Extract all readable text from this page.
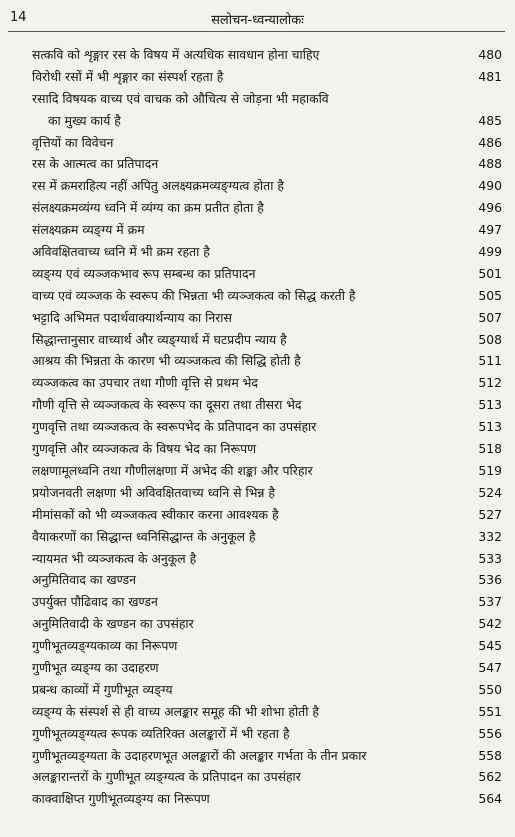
14	सलोचन-ध्वन्यालोकः
सत्कवि को शृङ्गार रस के विषय में अत्यधिक सावधान होना चाहिए	480
विरोधी रसों में भी शृङ्गार का संस्पर्श रहता है	481
रसादि विषयक वाच्य एवं वाचक को औचित्य से जोड़ना भी महाकवि
का मुख्य कार्य है	485
वृत्तियों का विवेचन	486
रस के आत्मत्व का प्रतिपादन	488
रस में क्रमराहित्य नहीं अपितु अलक्ष्यक्रमव्यङ्ग्यत्व होता है	490
संलक्ष्यक्रमव्यंग्य ध्वनि में व्यंग्य का क्रम प्रतीत होता है	496
संलक्ष्यक्रम व्यङ्ग्य में क्रम	497
अविवक्षितवाच्य ध्वनि में भी क्रम रहता है	499
व्यङ्ग्य एवं व्यञ्जकभाव रूप सम्बन्ध का प्रतिपादन	501
वाच्य एवं व्यञ्जक के स्वरूप की भिन्नता भी व्यञ्जकत्व को सिद्ध करती है	505
भट्टादि अभिमत पदार्थवाक्यार्थन्याय का निरास	507
सिद्धान्तानुसार वाच्यार्थ और व्यङ्ग्यार्थ में घटप्रदीप न्याय है	508
आश्रय की भिन्नता के कारण भी व्यञ्जकत्व की सिद्धि होती है	511
व्यञ्जकत्व का उपचार तथा गौणी वृत्ति से प्रथम भेद	512
गौणी वृत्ति से व्यञ्जकत्व के स्वरूप का दूसरा तथा तीसरा भेद	513
गुणवृत्ति तथा व्यञ्जकत्व के स्वरूपभेद के प्रतिपादन का उपसंहार	513
गुणवृत्ति और व्यञ्जकत्व के विषय भेद का निरूपण	518
लक्षणामूलध्वनि तथा गौणीलक्षणा में अभेद की शङ्का और परिहार	519
प्रयोजनवती लक्षणा भी अविवक्षितवाच्य ध्वनि से भिन्न है	524
मीमांसकों को भी व्यञ्जकत्व स्वीकार करना आवश्यक है	527
वैयाकरणों का सिद्धान्त ध्वनिसिद्धान्त के अनुकूल है	332
न्यायमत भी व्यञ्जकत्व के अनुकूल है	533
अनुमितिवाद का खण्डन	536
उपर्युक्त पौढिवाद का खण्डन	537
अनुमितिवादी के खण्डन का उपसंहार	542
गुणीभूतव्यङ्ग्यकाव्य का निरूपण	545
गुणीभूत व्यङ्ग्य का उदाहरण	547
प्रबन्ध काव्यों में गुणीभूत व्यङ्ग्य	550
व्यङ्ग्य के संस्पर्श से ही वाच्य अलङ्कार समूह की भी शोभा होती है	551
गुणीभूतव्यङ्ग्यत्व रूपक व्यतिरिक्त अलङ्कारों में भी रहता है	556
गुणीभूतव्यङ्ग्यता के उदाहरणभूत अलङ्कारों की अलङ्कार गर्भता के तीन प्रकार	558
अलङ्कारान्तरों के गुणीभूत व्यङ्ग्यत्व के प्रतिपादन का उपसंहार	562
काक्वाक्षिप्त गुणीभूतव्यङ्ग्य का निरूपण	564
